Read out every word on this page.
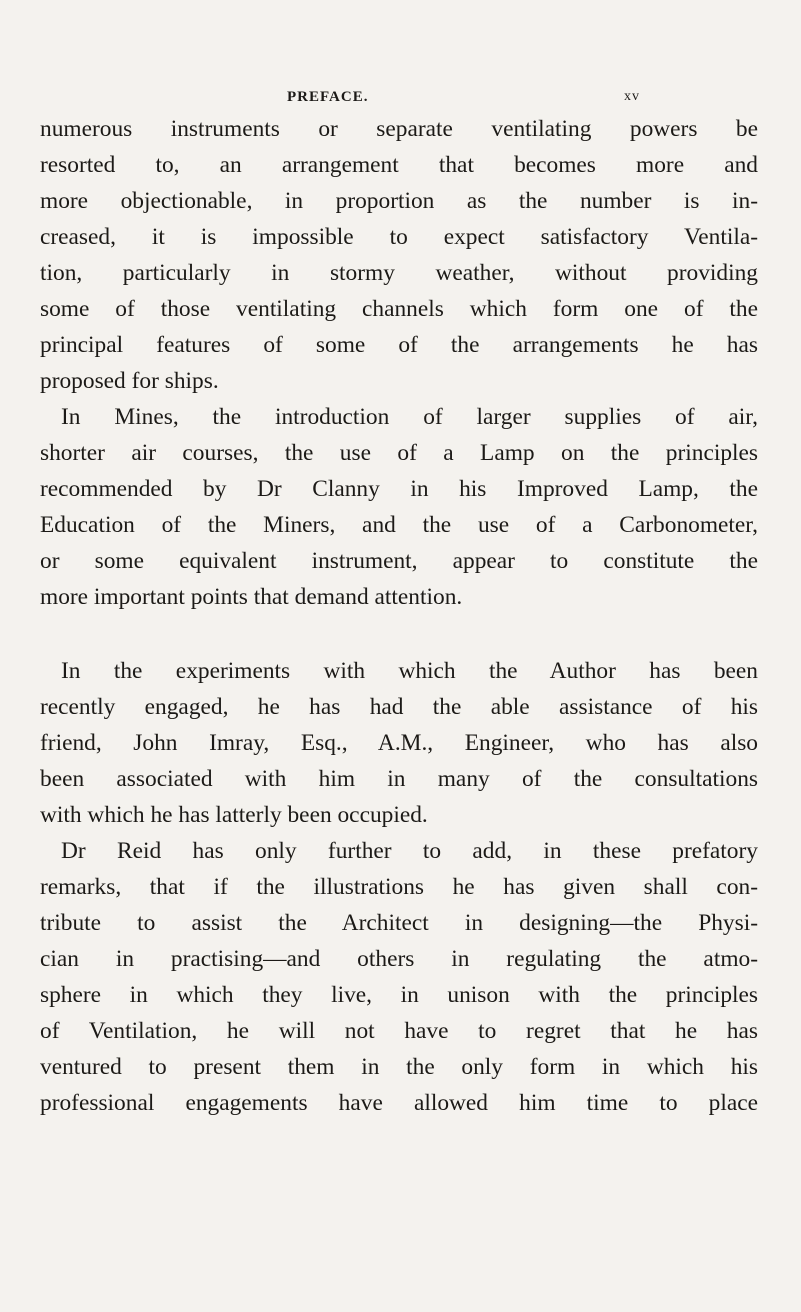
PREFACE.	xv
numerous instruments or separate ventilating powers be
resorted to, an arrangement that becomes more and
more objectionable, in proportion as the number is in-
creased, it is impossible to expect satisfactory Ventila-
tion, particularly in stormy weather, without providing
some of those ventilating channels which form one of the
principal features of some of the arrangements he has
proposed for ships.
In Mines, the introduction of larger supplies of air,
shorter air courses, the use of a Lamp on the principles
recommended by Dr Clanny in his Improved Lamp, the
Education of the Miners, and the use of a Carbonometer,
or some equivalent instrument, appear to constitute the
more important points that demand attention.
In the experiments with which the Author has been
recently engaged, he has had the able assistance of his
friend, John Imray, Esq., A.M., Engineer, who has also
been associated with him in many of the consultations
with which he has latterly been occupied.
Dr Reid has only further to add, in these prefatory
remarks, that if the illustrations he has given shall con-
tribute to assist the Architect in designing—the Physi-
cian in practising—and others in regulating the atmo-
sphere in which they live, in unison with the principles
of Ventilation, he will not have to regret that he has
ventured to present them in the only form in which his
professional engagements have allowed him time to place
